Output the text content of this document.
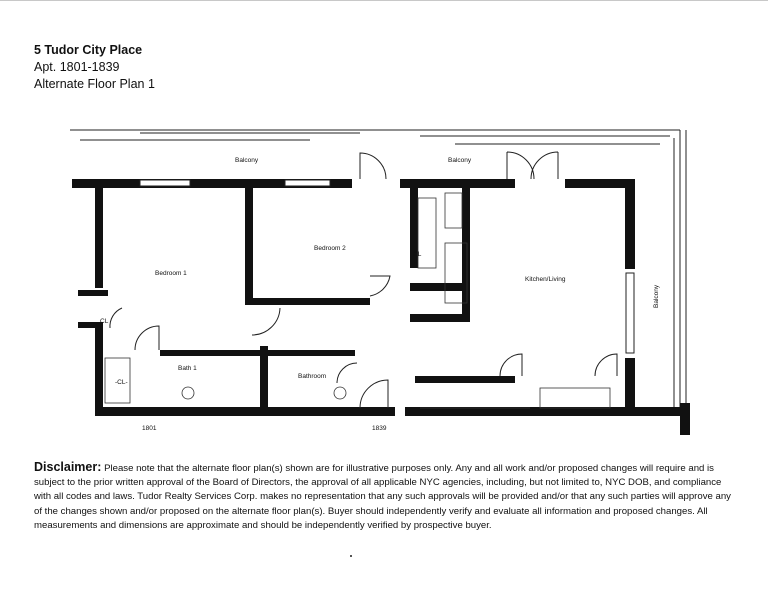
5 Tudor City Place
Apt. 1801-1839
Alternate Floor Plan 1
Balcony	Balcony
Balcony
Bedroom 1
Bedroom 2
Kitchen/Living
CL
-CL-
CL
Bath 1
Bathroom
1801	1839
Disclaimer: Please note that the alternate floor plan(s) shown are for illustrative purposes only. Any and all work and/or proposed changes will require and is subject to the prior written approval of the Board of Directors, the approval of all applicable NYC agencies, including, but not limited to, NYC DOB, and compliance with all codes and laws. Tudor Realty Services Corp. makes no representation that any such approvals will be provided and/or that any such parties will approve any of the changes shown and/or proposed on the alternate floor plan(s). Buyer should independently verify and evaluate all information and proposed changes. All measurements and dimensions are approximate and should be independently verified by prospective buyer.
